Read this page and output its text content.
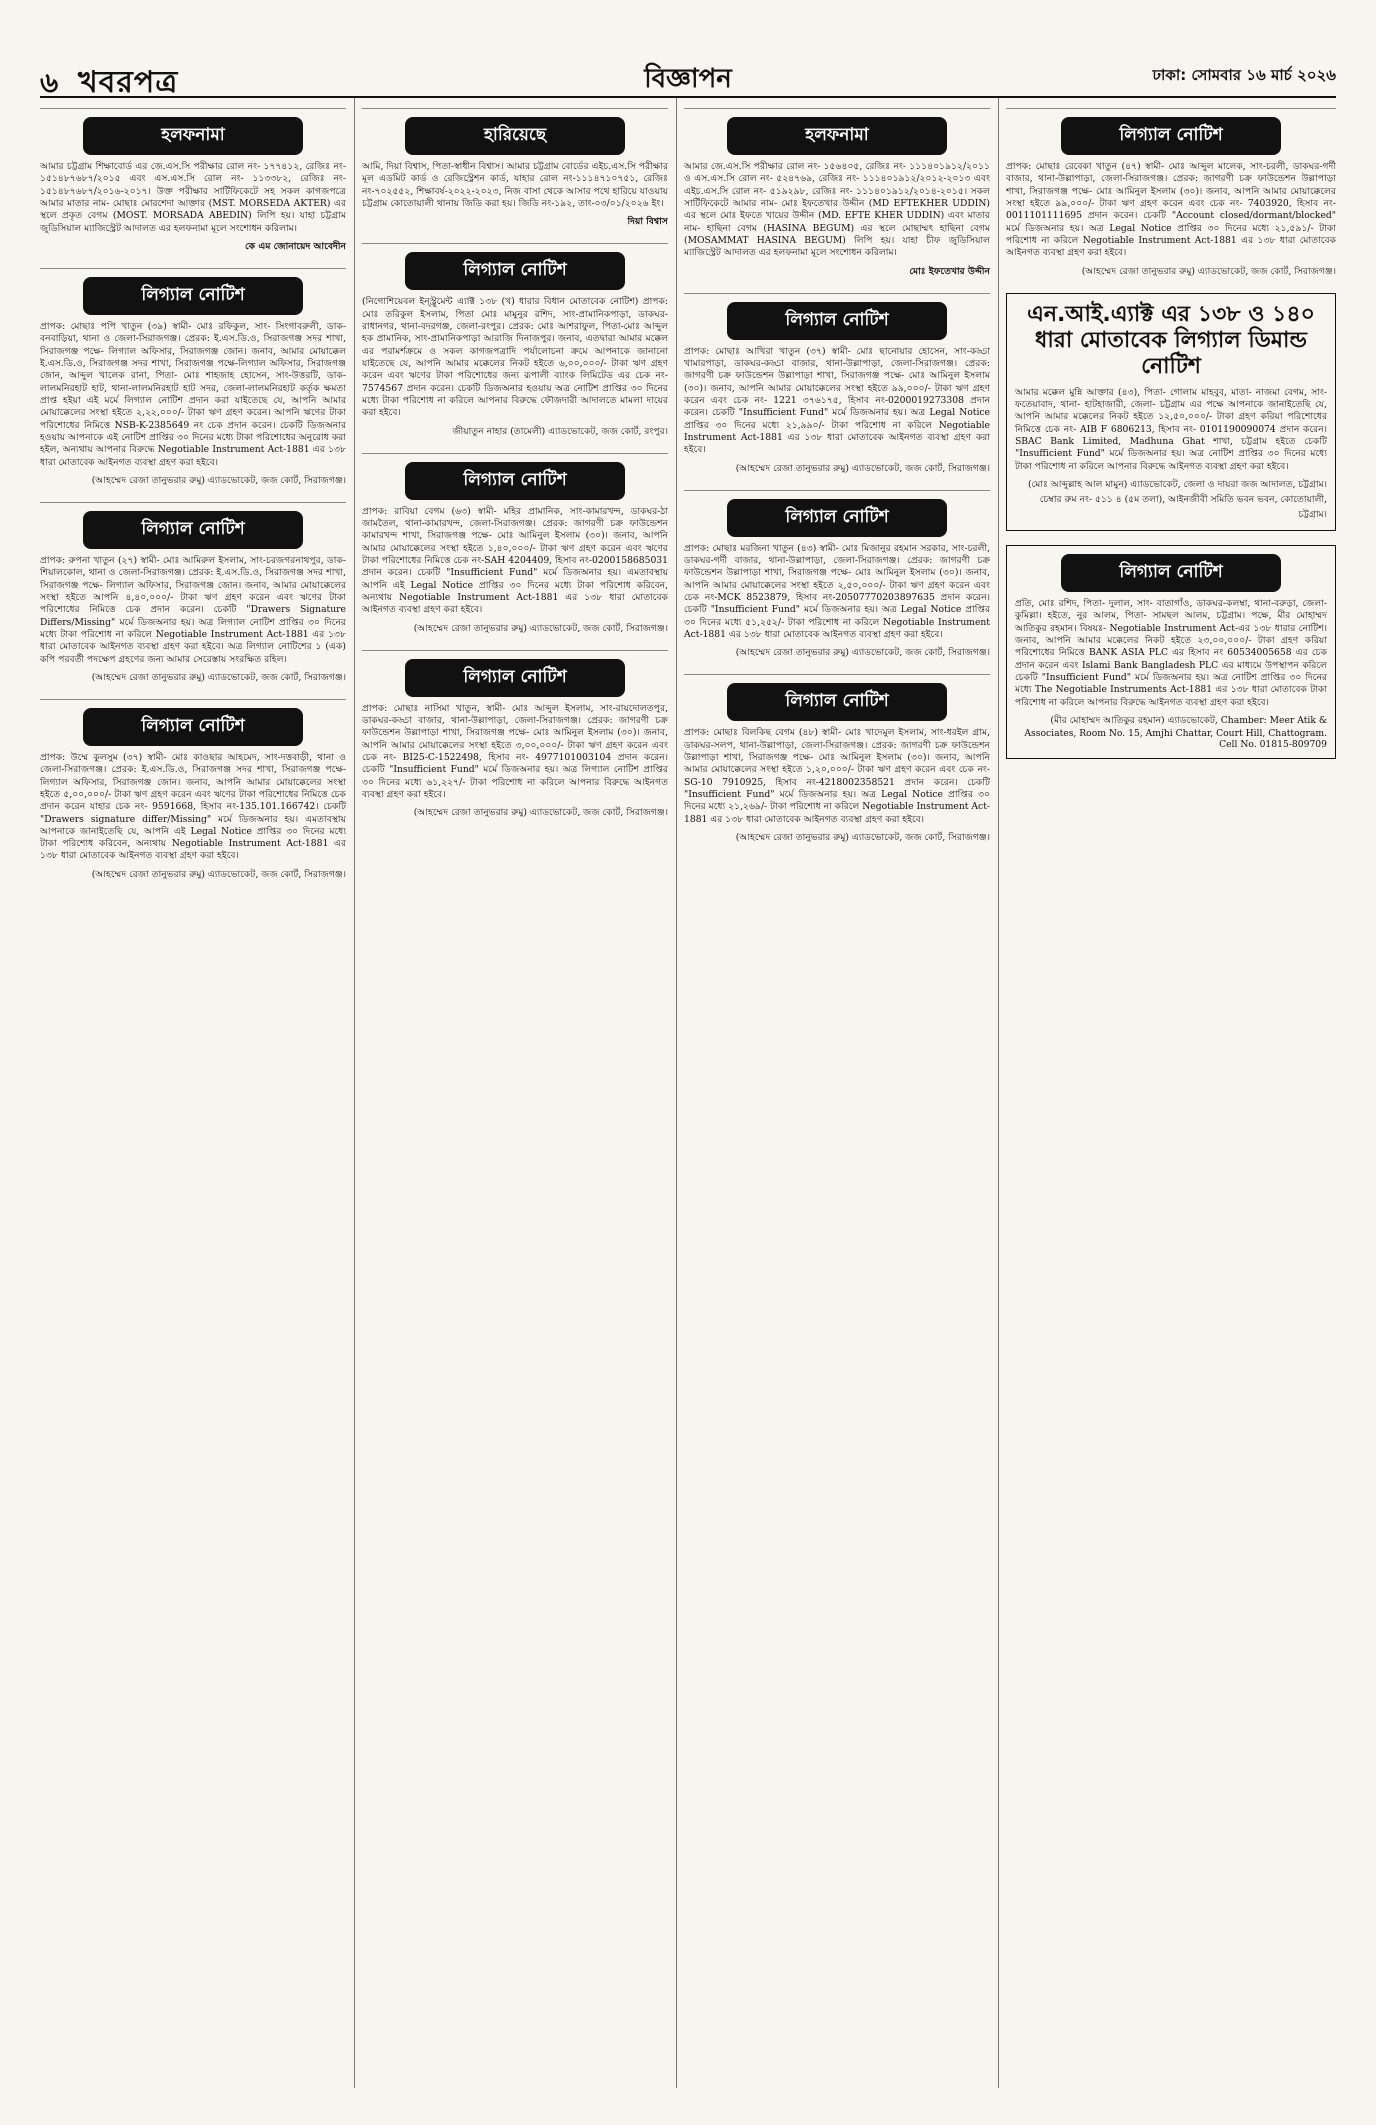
৬ খবরপত্র	বিজ্ঞাপন	ঢাকা: সোমবার ১৬ মার্চ ২০২৬
হলফনামা
আমার চট্টগ্রাম শিক্ষাবোর্ড এর জে.এস.সি পরীক্ষার রোল নং- ১৭৭৪১২, রেজিঃ নং- ১৫১৪৮৭৬৮৭/২০১৫ এবং এস.এস.সি রোল নং- ১১৩৩৮২, রেজিঃ নং- ১৫১৪৮৭৬৮৭/২০১৬-২০১৭। উক্ত পরীক্ষার সার্টিফিকেটে সহ সকল কাগজপত্রে আমার মাতার নাম- মোছাঃ মোরশেদা আক্তার (MST. MORSEDA AKTER) এর স্থলে প্রকৃত বেগম (MOST. MORSADA ABEDIN) লিপি হয়। যাহা চট্টগ্রাম জুডিসিয়াল ম্যাজিস্ট্রেট আদালত এর হলফনামা মূলে সংশোধন করিলাম।
কে এম জোনায়েদ আবেদীন
লিগ্যাল নোটিশ
প্রাপক: মোছাঃ পপি খাতুন (৩৯) স্বামী- মোঃ রফিকুল, সাং- সিংগাবরুলী, ডাক-বনবাড়িয়া, থানা ও জেলা-সিরাজগঞ্জ। প্রেরক: ই.এস.ডি.ও, সিরাজগঞ্জ সদর শাখা, সিরাজগঞ্জ পক্ষে- লিগ্যাল অফিসার, সিরাজগঞ্জ জোন। জনাব, আমার মোয়াক্কেল ই.এস.ডি.ও, সিরাজগঞ্জ সদর শাখা, সিরাজগঞ্জ পক্ষে-লিগ্যাল অফিসার, সিরাজগঞ্জ জোন, আব্দুল খালেক রানা, পিতা- মোঃ শাহজাহ হোসেন, সাং-উত্তরটি, ডাক-লালমনিরহাট হাট, থানা-লালমনিরহাট হাট সদর, জেলা-লালমনিরহাট কর্তৃক ক্ষমতা প্রাপ্ত হইয়া এই মর্মে লিগ্যাল নোটিশ প্রদান করা যাইতেছে যে, আপনি আমার মোয়াক্কেলের সংস্থা হইতে ২,২২,০০০/- টাকা ঋণ গ্রহণ করেন। আপনি ঋণের টাকা পরিশোধের নিমিত্তে NSB-K-2385649 নং চেক প্রদান করেন। চেকটি ডিজঅনার হওয়ায় আপনাকে এই নোটিশ প্রাপ্তির ৩০ দিনের মধ্যে টাকা পরিশোধের অনুরোধ করা হইল, অন্যথায় আপনার বিরুদ্ধে Negotiable Instrument Act-1881 এর ১৩৮ ধারা মোতাবেক আইনগত ব্যবস্থা গ্রহণ করা হইবে।
(আহম্মেদ রেজা তানুভরার রুমু) এ্যাডভোকেট, জজ কোর্ট, সিরাজগঞ্জ।
লিগ্যাল নোটিশ
প্রাপক: রুপনা খাতুন (২৭) স্বামী- মোঃ আমিরুল ইসলাম, সাং-চরজগরনাথপুর, ডাক-শিয়ালকোল, থানা ও জেলা-সিরাজগঞ্জ। প্রেরক: ই.এস.ডি.ও, সিরাজগঞ্জ সদর শাখা, সিরাজগঞ্জ পক্ষে- লিগ্যাল অফিসার, সিরাজগঞ্জ জোন। জনাব, আমার মোয়াক্কেলের সংস্থা হইতে আপনি ৪,৪০,০০০/- টাকা ঋণ গ্রহণ করেন এবং ঋণের টাকা পরিশোধের নিমিত্তে চেক প্রদান করেন। চেকটি "Drawers Signature Differs/Missing" মর্মে ডিজঅনার হয়। অত্র লিগ্যাল নোটিশ প্রাপ্তির ৩০ দিনের মধ্যে টাকা পরিশোধ না করিলে Negotiable Instrument Act-1881 এর ১৩৮ ধারা মোতাবেক আইনগত ব্যবস্থা গ্রহণ করা হইবে। অত্র লিগ্যাল নোটিশের ১ (এক) কপি পরবর্তী পদক্ষেপ গ্রহণের জন্য আমার সেরেস্তায় সংরক্ষিত রহিল।
(আহম্মেদ রেজা তানুভরার রুমু) এ্যাডভোকেট, জজ কোর্ট, সিরাজগঞ্জ।
লিগ্যাল নোটিশ
প্রাপক: উম্মে কুলসুম (৩৭) স্বামী- মোঃ কাওছার আহমেদ, সাং-দত্তবাড়ী, থানা ও জেলা-সিরাজগঞ্জ। প্রেরক: ই.এস.ডি.ও, সিরাজগঞ্জ সদর শাখা, সিরাজগঞ্জ পক্ষে- লিগ্যাল অফিসার, সিরাজগঞ্জ জোন। জনাব, আপনি আমার মোয়াক্কেলের সংস্থা হইতে ৫,০০,০০০/- টাকা ঋণ গ্রহণ করেন এবং ঋণের টাকা পরিশোধের নিমিত্তে চেক প্রদান করেন যাহার চেক নং- 9591668, হিসাব নং-135.101.166742। চেকটি "Drawers signature differ/Missing" মর্মে ডিজঅনার হয়। এমতাবস্থায় আপনাকে জানাইতেছি যে, আপনি এই Legal Notice প্রাপ্তির ৩০ দিনের মধ্যে টাকা পরিশোধ করিবেন, অন্যথায় Negotiable Instrument Act-1881 এর ১৩৮ ধারা মোতাবেক আইনগত ব্যবস্থা গ্রহণ করা হইবে।
(আহম্মেদ রেজা তানুভরার রুমু) এ্যাডভোকেট, জজ কোর্ট, সিরাজগঞ্জ।
হারিয়েছে
আমি, দিয়া বিশ্বাস, পিতা-স্বাধীন বিশ্বাস। আমার চট্টগ্রাম বোর্ডের এইচ.এস.সি পরীক্ষার মূল এডমিট কার্ড ও রেজিস্ট্রেশন কার্ড, যাহার রোল নং-১১১৪৭১০৭৫১, রেজিঃ নং-৭০২৫৫২, শিক্ষাবর্ষ-২০২২-২০২৩, নিজ বাসা থেকে আসার পথে হারিয়ে যাওয়ায় চট্টগ্রাম কোতোয়ালী থানায় জিডি করা হয়। জিডি নং-১৯২, তাং-০৩/০১/২০২৬ ইং।
দিয়া বিশ্বাস
লিগ্যাল নোটিশ
(নিগোশিয়েবল ইন্স্ট্রুমেন্ট এ্যাক্ট ১৩৮ (খ) ধারার বিধান মোতাবেক নোটিশ) প্রাপক: মোঃ তরিকুল ইসলাম, পিতা মোঃ মামুনুর রশিদ, সাং-প্রামানিকপাড়া, ডাকঘর-রাধানগর, থানা-বদরগঞ্জ, জেলা-রংপুর। প্রেরক: মোঃ আশরাফুল, পিতা-মোঃ আব্দুল হক প্রামানিক, সাং-প্রামানিকপাড়া আরাজি দিনাজপুর। জনাব, এতদ্বারা আমার মক্কেল এর পরামর্শক্রমে ও সকল কাগজপত্রাদি পর্যালোচনা ক্রমে আপনাকে জানানো যাইতেছে যে, আপনি আমার মক্কেলের নিকট হইতে ৬,০০,০০০/- টাকা ঋণ গ্রহণ করেন এবং ঋণের টাকা পরিশোধের জন্য রূপালী ব্যাংক লিমিটেড এর চেক নং- 7574567 প্রদান করেন। চেকটি ডিজঅনার হওয়ায় অত্র নোটিশ প্রাপ্তির ৩০ দিনের মধ্যে টাকা পরিশোধ না করিলে আপনার বিরুদ্ধে ফৌজদারী আদালতে মামলা দায়ের করা হইবে।
জীয়াতুন নাহার (তামেলী) এ্যাডভোকেট, জজ কোর্ট, রংপুর।
লিগ্যাল নোটিশ
প্রাপক: রাবিয়া বেগম (৬৩) স্বামী- মহির প্রামানিক, সাং-কামারখন্দ, ডাকঘর-ঠা জামতৈল, থানা-কামারখন্দ, জেলা-সিরাজগঞ্জ। প্রেরক: জাগরণী চক্র ফাউন্ডেশন কামারখন্দ শাখা, সিরাজগঞ্জ পক্ষে- মোঃ আমিনুল ইসলাম (৩০)। জনাব, আপনি আমার মোয়াক্কেলের সংস্থা হইতে ১,৪০,০০০/- টাকা ঋণ গ্রহণ করেন এবং ঋণের টাকা পরিশোধের নিমিত্তে চেক নং-SAH 4204409, হিসাব নং-0200158685031 প্রদান করেন। চেকটি "Insufficient Fund" মর্মে ডিজঅনার হয়। এমতাবস্থায় আপনি এই Legal Notice প্রাপ্তির ৩০ দিনের মধ্যে টাকা পরিশোধ করিবেন, অন্যথায় Negotiable Instrument Act-1881 এর ১৩৮ ধারা মোতাবেক আইনগত ব্যবস্থা গ্রহণ করা হইবে।
(আহম্মেদ রেজা তানুভরার রুমু) এ্যাডভোকেট, জজ কোর্ট, সিরাজগঞ্জ।
লিগ্যাল নোটিশ
প্রাপক: মোছাঃ নাসিমা খাতুন, স্বামী- মোঃ আব্দুল ইসলাম, সাং-রায়দোলতপুর, ডাকঘর-কড্ডা বাজার, থানা-উল্লাপাড়া, জেলা-সিরাজগঞ্জ। প্রেরক: জাগরণী চক্র ফাউন্ডেশন উল্লাপাড়া শাখা, সিরাজগঞ্জ পক্ষে- মোঃ আমিনুল ইসলাম (৩০)। জনাব, আপনি আমার মোয়াক্কেলের সংস্থা হইতে ৩,০০,০০০/- টাকা ঋণ গ্রহণ করেন এবং চেক নং- BI25-C-1522498, হিসাব নং- 4977101003104 প্রদান করেন। চেকটি "Insufficient Fund" মর্মে ডিজঅনার হয়। অত্র লিগ্যাল নোটিশ প্রাপ্তির ৩০ দিনের মধ্যে ৬১,২২৭/- টাকা পরিশোধ না করিলে আপনার বিরুদ্ধে আইনগত ব্যবস্থা গ্রহণ করা হইবে।
(আহম্মেদ রেজা তানুভরার রুমু) এ্যাডভোকেট, জজ কোর্ট, সিরাজগঞ্জ।
হলফনামা
আমার জে.এস.সি পরীক্ষার রোল নং- ১৫৬৪০৫, রেজিঃ নং- ১১১৪০১৯১২/২০১১ ও এস.এস.সি রোল নং- ৫২৪৭৬৯, রেজিঃ নং- ১১১৪০১৯১২/২০১২-২০১৩ এবং এইচ.এস.সি রোল নং- ৫১৯২৯৮, রেজিঃ নং- ১১১৪০১৯১২/২০১৪-২০১৫। সকল সার্টিফিকেটে আমার নাম- মোঃ ইফতেখার উদ্দীন (MD EFTEKHER UDDIN) এর স্থলে মোঃ ইফতে খায়ের উদ্দীন (MD. EFTE KHER UDDIN) এবং মাতার নাম- হাছিনা বেগম (HASINA BEGUM) এর স্থলে মোছাম্মৎ হাছিনা বেগম (MOSAMMAT HASINA BEGUM) লিপি হয়। যাহা চীফ জুডিসিয়াল ম্যাজিস্ট্রেট আদালত এর হলফনামা মূলে সংশোধন করিলাম।
মোঃ ইফতেখার উদ্দীন
লিগ্যাল নোটিশ
প্রাপক: মোছাঃ আখিরা খাতুন (৩৭) স্বামী- মোঃ ছানোয়ার হোসেন, সাং-কড্ডা খামারপাড়া, ডাকঘর-কড্ডা বাজার, থানা-উল্লাপাড়া, জেলা-সিরাজগঞ্জ। প্রেরক: জাগরণী চক্র ফাউন্ডেশন উল্লাপাড়া শাখা, সিরাজগঞ্জ পক্ষে- মোঃ আমিনুল ইসলাম (৩০)। জনাব, আপনি আমার মোয়াক্কেলের সংস্থা হইতে ৯৯,০০০/- টাকা ঋণ গ্রহণ করেন এবং চেক নং- 1221 ৩৭৬১৭৫, হিসাব নং-0200019273308 প্রদান করেন। চেকটি "Insufficient Fund" মর্মে ডিজঅনার হয়। অত্র Legal Notice প্রাপ্তির ৩০ দিনের মধ্যে ২১,৯৯০/- টাকা পরিশোধ না করিলে Negotiable Instrument Act-1881 এর ১৩৮ ধারা মোতাবেক আইনগত ব্যবস্থা গ্রহণ করা হইবে।
(আহম্মেদ রেজা তানুভরার রুমু) এ্যাডভোকেট, জজ কোর্ট, সিরাজগঞ্জ।
লিগ্যাল নোটিশ
প্রাপক: মোছাঃ মরজিনা খাতুন (৪৩) স্বামী- মোঃ মিজানুর রহমান সরকার, সাং-চরলী, ডাকঘর-গর্দী বাজার, থানা-উল্লাপাড়া, জেলা-সিরাজগঞ্জ। প্রেরক: জাগরণী চক্র ফাউন্ডেশন উল্লাপাড়া শাখা, সিরাজগঞ্জ পক্ষে- মোঃ আমিনুল ইসলাম (৩০)। জনাব, আপনি আমার মোয়াক্কেলের সংস্থা হইতে ২,৫০,০০০/- টাকা ঋণ গ্রহণ করেন এবং চেক নং-MCK 8523879, হিসাব নং-20507770203897635 প্রদান করেন। চেকটি "Insufficient Fund" মর্মে ডিজঅনার হয়। অত্র Legal Notice প্রাপ্তির ৩০ দিনের মধ্যে ৫১,২৫২/- টাকা পরিশোধ না করিলে Negotiable Instrument Act-1881 এর ১৩৮ ধারা মোতাবেক আইনগত ব্যবস্থা গ্রহণ করা হইবে।
(আহম্মেদ রেজা তানুভরার রুমু) এ্যাডভোকেট, জজ কোর্ট, সিরাজগঞ্জ।
লিগ্যাল নোটিশ
প্রাপক: মোছাঃ বিলকিছ বেগম (৪৮) স্বামী- মোঃ খাদেমুল ইসলাম, সাং-ধরইল গ্রাম, ডাকঘর-সলপ, থানা-উল্লাপাড়া, জেলা-সিরাজগঞ্জ। প্রেরক: জাগরণী চক্র ফাউন্ডেশন উল্লাপাড়া শাখা, সিরাজগঞ্জ পক্ষে- মোঃ আমিনুল ইসলাম (৩০)। জনাব, আপনি আমার মোয়াক্কেলের সংস্থা হইতে ১,২০,০০০/- টাকা ঋণ গ্রহণ করেন এবং চেক নং-SG-10 7910925, হিসাব নং-4218002358521 প্রদান করেন। চেকটি "Insufficient Fund" মর্মে ডিজঅনার হয়। অত্র Legal Notice প্রাপ্তির ৩০ দিনের মধ্যে ২১,২৬৯/- টাকা পরিশোধ না করিলে Negotiable Instrument Act-1881 এর ১৩৮ ধারা মোতাবেক আইনগত ব্যবস্থা গ্রহণ করা হইবে।
(আহম্মেদ রেজা তানুভরার রুমু) এ্যাডভোকেট, জজ কোর্ট, সিরাজগঞ্জ।
লিগ্যাল নোটিশ
প্রাপক: মোছাঃ রেবেকা খাতুন (৪৭) স্বামী- মোঃ আব্দুল মালেক, সাং-চরলী, ডাকঘর-গর্দী বাজার, থানা-উল্লাপাড়া, জেলা-সিরাজগঞ্জ। প্রেরক: জাগরণী চক্র ফাউন্ডেশন উল্লাপাড়া শাখা, সিরাজগঞ্জ পক্ষে- মোঃ আমিনুল ইসলাম (৩০)। জনাব, আপনি আমার মোয়াক্কেলের সংস্থা হইতে ৯৯,০০০/- টাকা ঋণ গ্রহণ করেন এবং চেক নং- 7403920, হিসাব নং- 0011101111695 প্রদান করেন। চেকটি "Account closed/dormant/blocked" মর্মে ডিজঅনার হয়। অত্র Legal Notice প্রাপ্তির ৩০ দিনের মধ্যে ২১,৫৯১/- টাকা পরিশোধ না করিলে Negotiable Instrument Act-1881 এর ১৩৮ ধারা মোতাবেক আইনগত ব্যবস্থা গ্রহণ করা হইবে।
(আহম্মেদ রেজা তানুভরার রুমু) এ্যাডভোকেট, জজ কোর্ট, সিরাজগঞ্জ।
এন.আই.এ্যাক্ট এর ১৩৮ ও ১৪০ ধারা মোতাবেক লিগ্যাল ডিমান্ড নোটিশ
আমার মক্কেল মুন্নি আক্তার (৪৩), পিতা- গোলাম মাহবুব, মাতা- নাজমা বেগম, সাং- ফতেয়াবাদ, থানা- হাটহাজারী, জেলা- চট্টগ্রাম এর পক্ষে আপনাকে জানাইতেছি যে, আপনি আমার মক্কেলের নিকট হইতে ১২,৫০,০০০/- টাকা গ্রহণ করিয়া পরিশোধের নিমিত্তে চেক নং- AIB F 6806213, হিসাব নং- 0101190090074 প্রদান করেন। SBAC Bank Limited, Madhuna Ghat শাখা, চট্টগ্রাম হইতে চেকটি "Insufficient Fund" মর্মে ডিজঅনার হয়। অত্র নোটিশ প্রাপ্তির ৩০ দিনের মধ্যে টাকা পরিশোধ না করিলে আপনার বিরুদ্ধে আইনগত ব্যবস্থা গ্রহণ করা হইবে।
(মোঃ আব্দুল্লাহ আল মামুন) এ্যাডভোকেট, জেলা ও দায়রা জজ আদালত, চট্টগ্রাম। চেম্বার রুম নং- ৫১১ ৪ (৫ম তলা), আইনজীবী সমিতি ভবন ভবন, কোতোয়ালী, চট্টগ্রাম।
লিগ্যাল নোটিশ
প্রতি, মোঃ রশিদ, পিতা- দুলাল, সাং- বাতাগাঁও, ডাকঘর-কলম্বা, থানা-বরুড়া, জেলা-কুমিল্লা। হইতে, নুর আলম, পিতা- সামছল আলম, চট্টগ্রাম। পক্ষে, মীর মোহাম্মদ আতিকুর রহমান। বিষয়ঃ- Negotiable Instrument Act-এর ১৩৮ ধারার নোটিশ। জনাব, আপনি আমার মক্কেলের নিকট হইতে ২৩,০০,০০০/- টাকা গ্রহণ করিয়া পরিশোধের নিমিত্তে BANK ASIA PLC এর হিসাব নং 60534005658 এর চেক প্রদান করেন এবং Islami Bank Bangladesh PLC এর মাধ্যমে উপস্থাপন করিলে চেকটি "Insufficient Fund" মর্মে ডিজঅনার হয়। অত্র নোটিশ প্রাপ্তির ৩০ দিনের মধ্যে The Negotiable Instruments Act-1881 এর ১৩৮ ধারা মোতাবেক টাকা পরিশোধ না করিলে আপনার বিরুদ্ধে আইনগত ব্যবস্থা গ্রহণ করা হইবে।
(মীর মোহাম্মদ আতিকুর রহমান) এ্যাডভোকেট, Chamber: Meer Atik & Associates, Room No. 15, Amjhi Chattar, Court Hill, Chattogram. Cell No. 01815-809709
